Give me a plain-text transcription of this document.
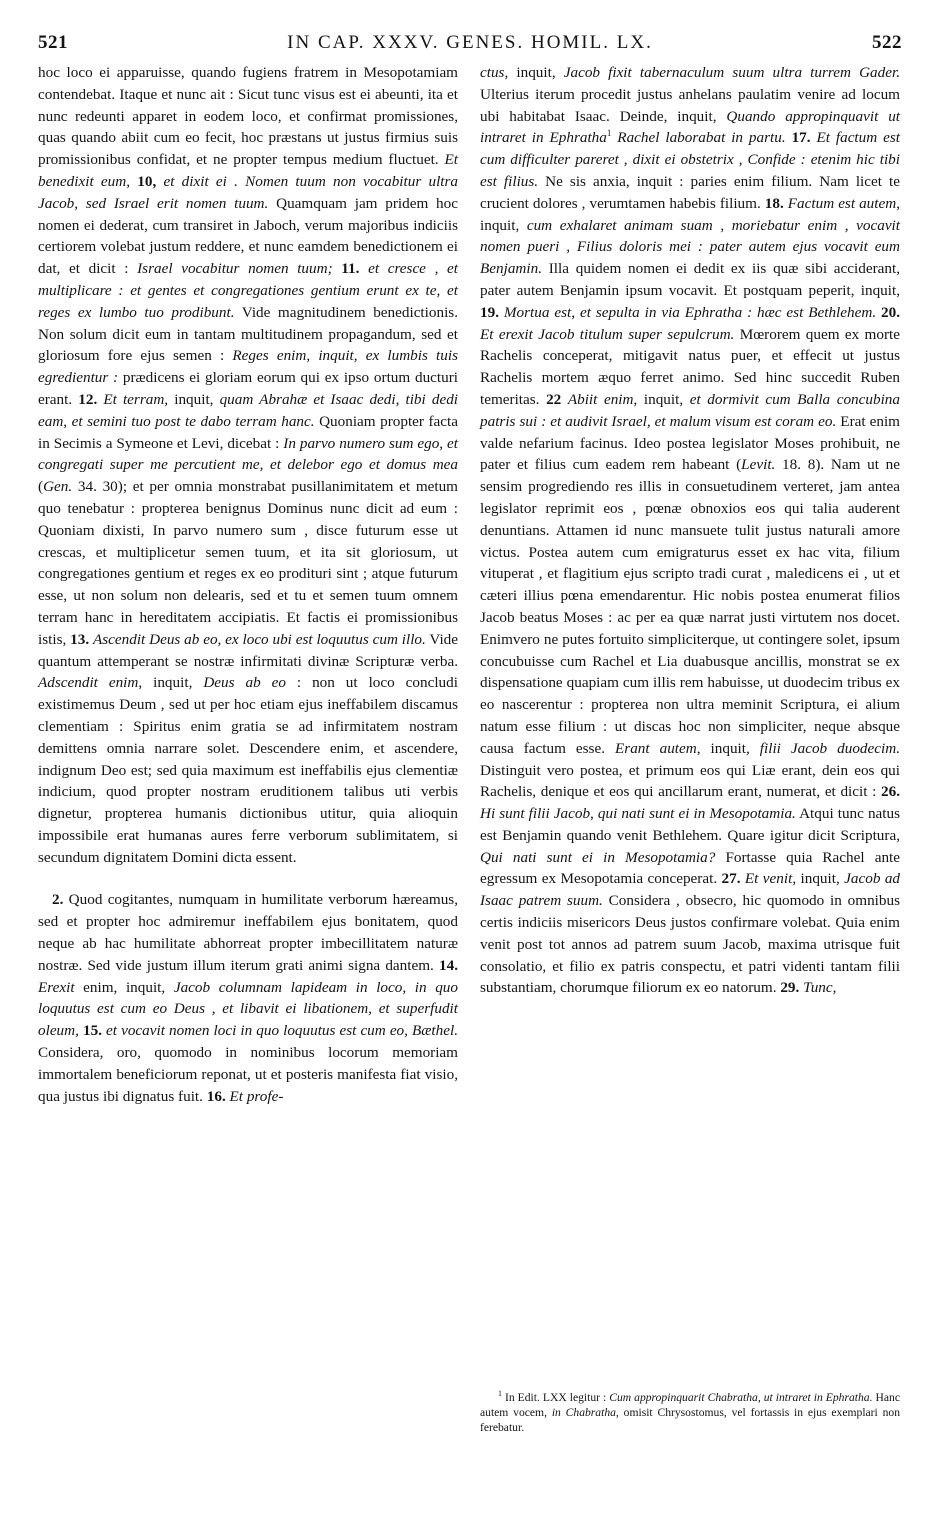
521	IN CAP. XXXV. GENES. HOMIL. LX.	522

hoc loco ei apparuisse, quando fugiens fratrem in Mesopotamiam contendebat. Itaque et nunc ait : Sicut tunc visus est ei abeunti, ita et nunc redeunti apparet in eodem loco, et confirmat promissiones, quas quando abiit cum eo fecit, hoc præstans ut justus firmius suis promissionibus confidat, et ne propter tempus medium fluctuet. Et benedixit eum, 10, et dixit ei . Nomen tuum non vocabitur ultra Jacob, sed Israel erit nomen tuum. Quamquam jam pridem hoc nomen ei dederat, cum transiret in Jaboch, verum majoribus indiciis certiorem volebat justum reddere, et nunc eamdem benedictionem ei dat, et dicit : Israel vocabitur nomen tuum; 11. et cresce , et multiplicare : et gentes et congregationes gentium erunt ex te, et reges ex lumbo tuo prodibunt. Vide magnitudinem benedictionis. Non solum dicit eum in tantam multitudinem propagandum, sed et gloriosum fore ejus semen : Reges enim, inquit, ex lumbis tuis egredientur : prædicens ei gloriam eorum qui ex ipso ortum ducturi erant. 12. Et terram, inquit, quam Abrahæ et Isaac dedi, tibi dedi eam, et semini tuo post te dabo terram hanc. Quoniam propter facta in Secimis a Symeone et Levi, dicebat : In parvo numero sum ego, et congregati super me percutient me, et delebor ego et domus mea (Gen. 34. 30); et per omnia monstrabat pusillanimitatem et metum quo tenebatur : propterea benignus Dominus nunc dicit ad eum : Quoniam dixisti, In parvo numero sum , disce futurum esse ut crescas, et multiplicetur semen tuum, et ita sit gloriosum, ut congregationes gentium et reges ex eo prodituri sint ; atque futurum esse, ut non solum non delearis, sed et tu et semen tuum omnem terram hanc in hereditatem accipiatis. Et factis ei promissionibus istis, 13. Ascendit Deus ab eo, ex loco ubi est loquutus cum illo. Vide quantum attemperant se nostræ infirmitati divinæ Scripturæ verba. Adscendit enim, inquit, Deus ab eo : non ut loco concludi existimemus Deum , sed ut per hoc etiam ejus ineffabilem discamus clementiam : Spiritus enim gratia se ad infirmitatem nostram demittens omnia narrare solet. Descendere enim, et ascendere, indignum Deo est; sed quia maximum est ineffabilis ejus clementiæ indicium, quod propter nostram eruditionem talibus uti verbis dignetur, propterea humanis dictionibus utitur, quia alioquin impossibile erat humanas aures ferre verborum sublimitatem, si secundum dignitatem Domini dicta essent.

2. Quod cogitantes, numquam in humilitate verborum hæreamus, sed et propter hoc admiremur ineffabilem ejus bonitatem, quod neque ab hac humilitate abhorreat propter imbecillitatem naturæ nostræ. Sed vide justum illum iterum grati animi signa dantem. 14. Erexit enim, inquit, Jacob columnam lapideam in loco, in quo loquutus est cum eo Deus , et libavit ei libationem, et superfudit oleum, 15. et vocavit nomen loci in quo loquutus est cum eo, Bæthel. Considera, oro, quomodo in nominibus locorum memoriam immortalem beneficiorum reponat, ut et posteris manifesta fiat visio, qua justus ibi dignatus fuit. 16. Et profe-

ctus, inquit, Jacob fixit tabernaculum suum ultra turrem Gader. Ulterius iterum procedit justus anhelans paulatim venire ad locum ubi habitabat Isaac. Deinde, inquit, Quando appropinquavit ut intraret in Ephratha$^1$ Rachel laborabat in partu. 17. Et factum est cum difficulter pareret , dixit ei obstetrix , Confide : etenim hic tibi est filius. Ne sis anxia, inquit : paries enim filium. Nam licet te crucient dolores , verumtamen habebis filium. 18. Factum est autem, inquit, cum exhalaret animam suam , moriebatur enim , vocavit nomen pueri , Filius doloris mei : pater autem ejus vocavit eum Benjamin. Illa quidem nomen ei dedit ex iis quæ sibi acciderant, pater autem Benjamin ipsum vocavit. Et postquam peperit, inquit, 19. Mortua est, et sepulta in via Ephratha : hæc est Bethlehem. 20. Et erexit Jacob titulum super sepulcrum. Mœrorem quem ex morte Rachelis conceperat, mitigavit natus puer, et effecit ut justus Rachelis mortem æquo ferret animo. Sed hinc succedit Ruben temeritas. 22 Abiit enim, inquit, et dormivit cum Balla concubina patris sui : et audivit Israel, et malum visum est coram eo. Erat enim valde nefarium facinus. Ideo postea legislator Moses prohibuit, ne pater et filius cum eadem rem habeant (Levit. 18. 8). Nam ut ne sensim progrediendo res illis in consuetudinem verteret, jam antea legislator reprimit eos , pœnæ obnoxios eos qui talia auderent denuntians. Attamen id nunc mansuete tulit justus naturali amore victus. Postea autem cum emigraturus esset ex hac vita, filium vituperat , et flagitium ejus scripto tradi curat , maledicens ei , ut et cæteri illius pœna emendarentur. Hic nobis postea enumerat filios Jacob beatus Moses : ac per ea quæ narrat justi virtutem nos docet. Enimvero ne putes fortuito simpliciterque, ut contingere solet, ipsum concubuisse cum Rachel et Lia duabusque ancillis, monstrat se ex dispensatione quapiam cum illis rem habuisse, ut duodecim tribus ex eo nascerentur : propterea non ultra meminit Scriptura, ei alium natum esse filium : ut discas hoc non simpliciter, neque absque causa factum esse. Erant autem, inquit, filii Jacob duodecim. Distinguit vero postea, et primum eos qui Liæ erant, dein eos qui Rachelis, denique et eos qui ancillarum erant, numerat, et dicit : 26. Hi sunt filii Jacob, qui nati sunt ei in Mesopotamia. Atqui tunc natus est Benjamin quando venit Bethlehem. Quare igitur dicit Scriptura, Qui nati sunt ei in Mesopotamia? Fortasse quia Rachel ante egressum ex Mesopotamia conceperat. 27. Et venit, inquit, Jacob ad Isaac patrem suum. Considera , obsecro, hic quomodo in omnibus certis indiciis misericors Deus justos confirmare volebat. Quia enim venit post tot annos ad patrem suum Jacob, maxima utrisque fuit consolatio, et filio ex patris conspectu, et patri videnti tantam filii substantiam, chorumque filiorum ex eo natorum. 29. Tunc,

$^1$ In Edit. LXX legitur : Cum appropinquarit Chabratha, ut intraret in Ephratha. Hanc autem vocem, in Chabratha, omisit Chrysostomus, vel fortassis in ejus exemplari non ferebatur.
